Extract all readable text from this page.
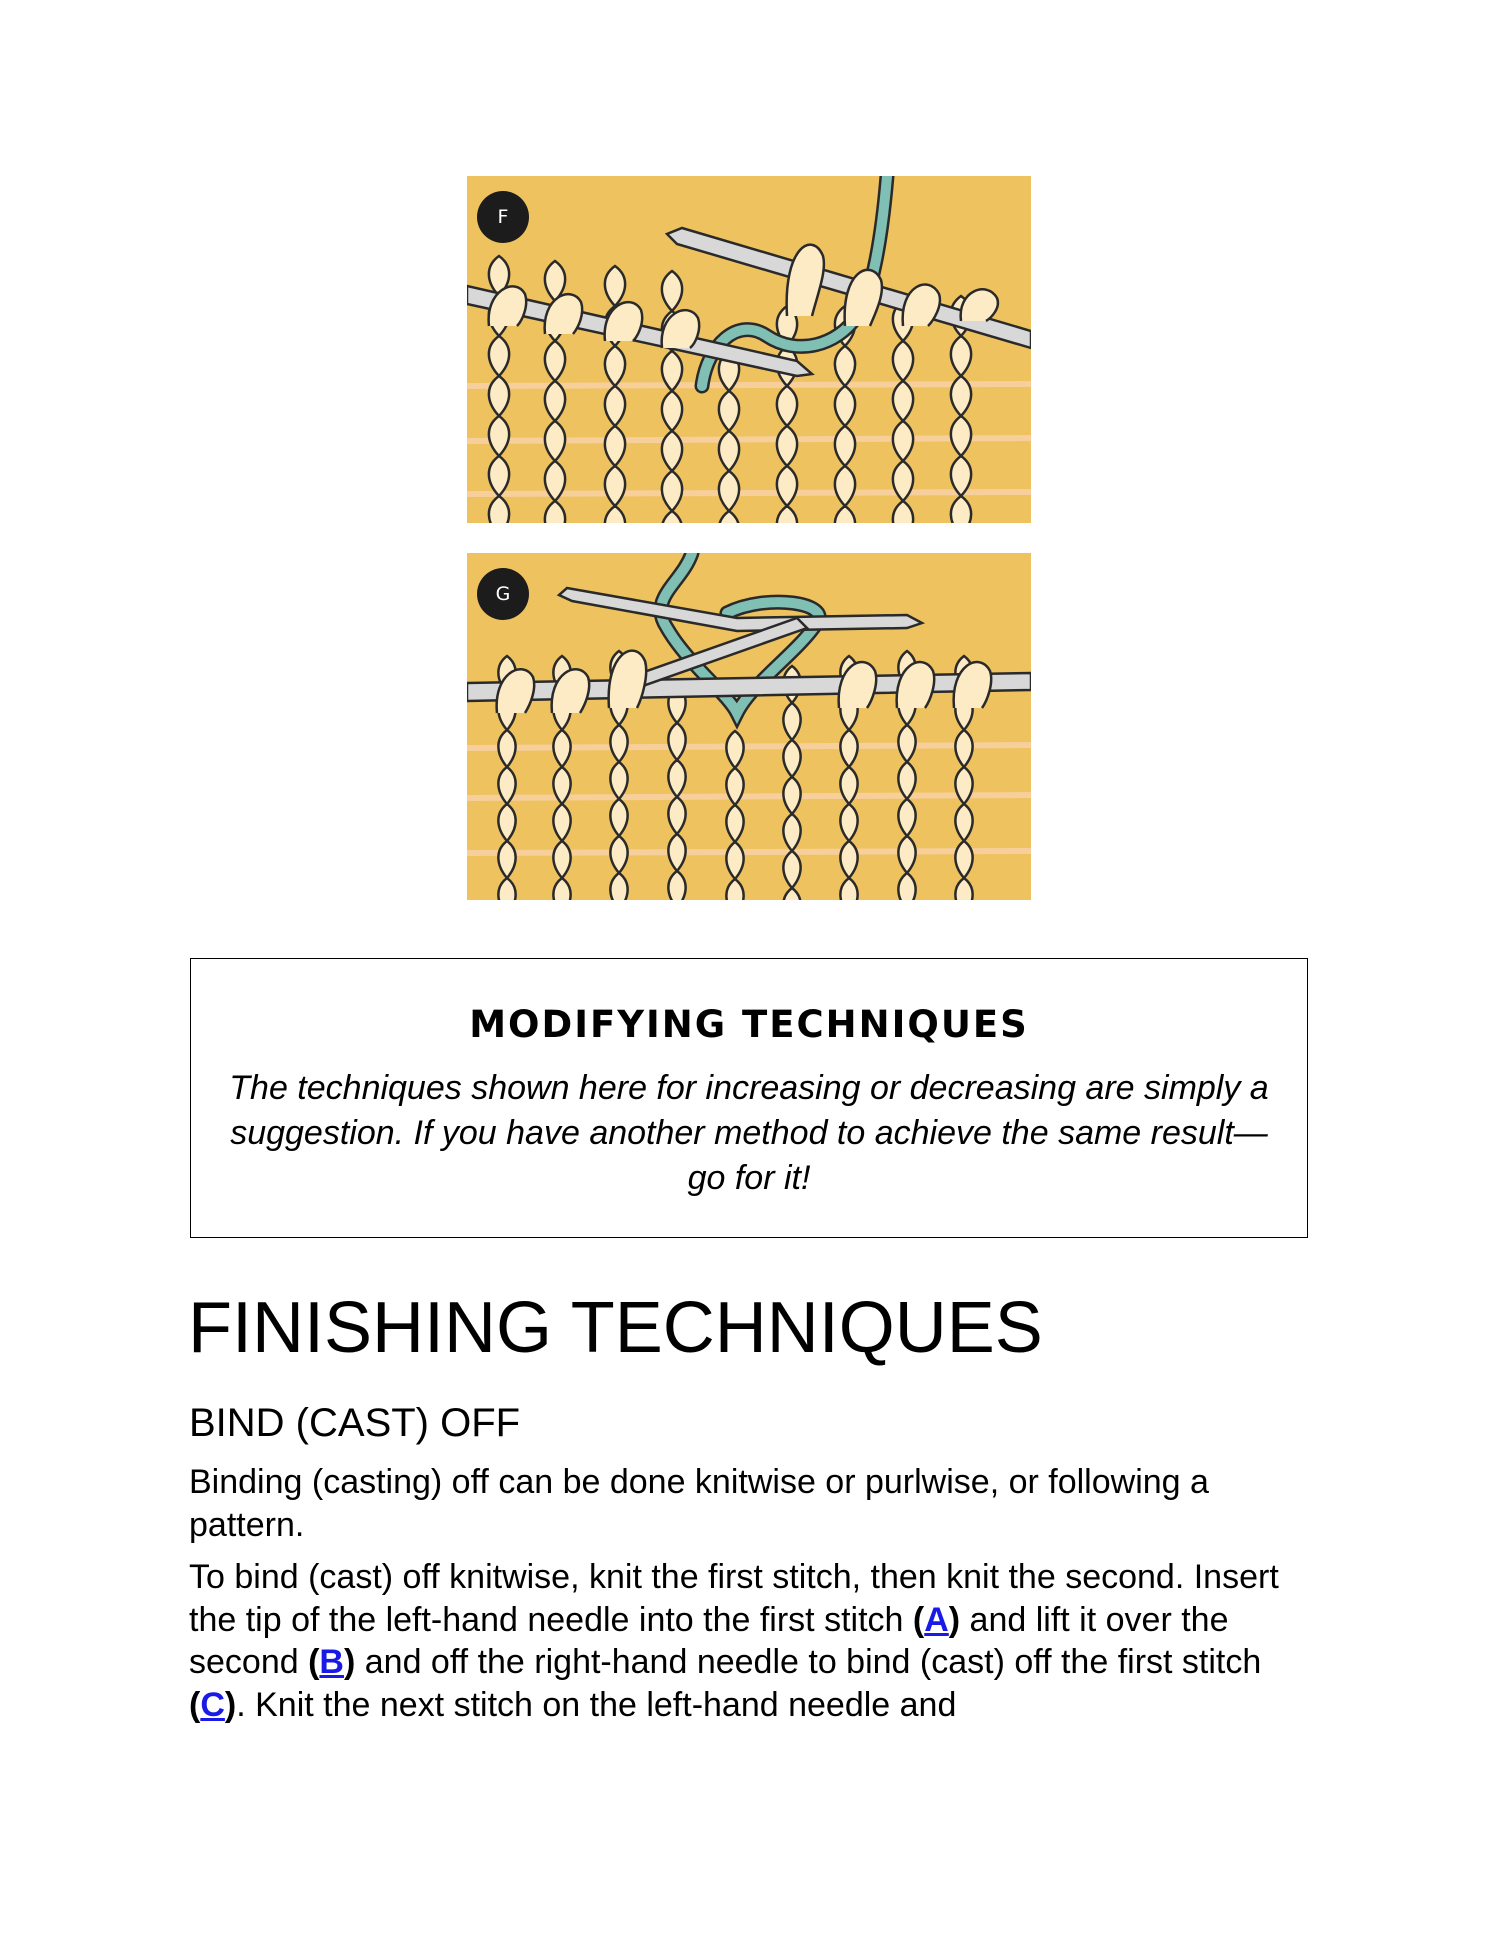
F
G
MODIFYING TECHNIQUES
The techniques shown here for increasing or decreasing are simply a suggestion. If you have another method to achieve the same result—go for it!
FINISHING TECHNIQUES
BIND (CAST) OFF

Binding (casting) off can be done knitwise or purlwise, or following a pattern.

To bind (cast) off knitwise, knit the first stitch, then knit the second. Insert the tip of the left-hand needle into the first stitch (A) and lift it over the second (B) and off the right-hand needle to bind (cast) off the first stitch (C). Knit the next stitch on the left-hand needle and
